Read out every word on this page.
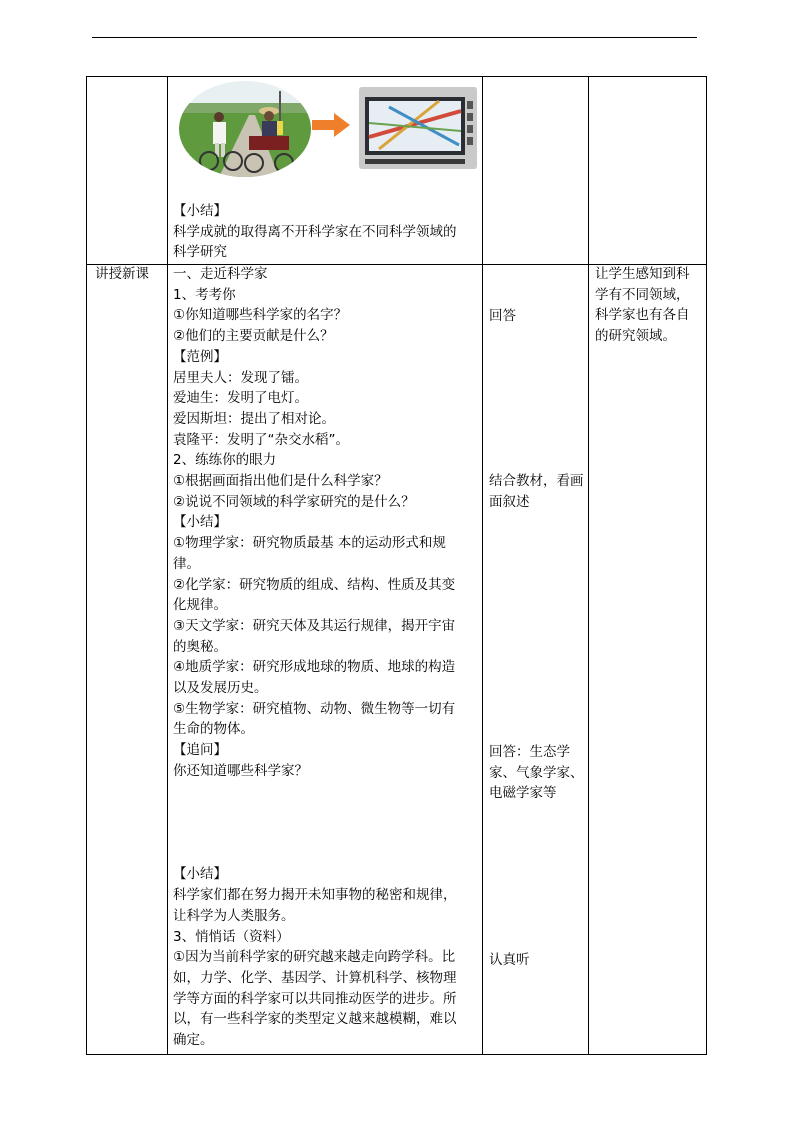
【小结】
科学成就的取得离不开科学家在不同科学领域的
科学研究
讲授新课	一、走近科学家
1、考考你
①你知道哪些科学家的名字？
②他们的主要贡献是什么？
【范例】
居里夫人：发现了镭。
爱迪生：发明了电灯。
爱因斯坦：提出了相对论。
袁隆平：发明了“杂交水稻”。
2、练练你的眼力
①根据画面指出他们是什么科学家？
②说说不同领域的科学家研究的是什么？
【小结】
①物理学家：研究物质最基 本的运动形式和规
律。
②化学家：研究物质的组成、结构、性质及其变
化规律。
③天文学家：研究天体及其运行规律，揭开宇宙
的奥秘。
④地质学家：研究形成地球的物质、地球的构造
以及发展历史。
⑤生物学家：研究植物、动物、微生物等一切有
生命的物体。
【追问】
你还知道哪些科学家？

【小结】
科学家们都在努力揭开未知事物的秘密和规律，
让科学为人类服务。
3、悄悄话（资料）
①因为当前科学家的研究越来越走向跨学科。比
如，力学、化学、基因学、计算机科学、核物理
学等方面的科学家可以共同推动医学的进步。所
以，有一些科学家的类型定义越来越模糊，难以
确定。
回答
结合教材，看画
面叙述
回答：生态学
家、气象学家、
电磁学家等
认真听
让学生感知到科
学有不同领域，
科学家也有各自
的研究领域。
